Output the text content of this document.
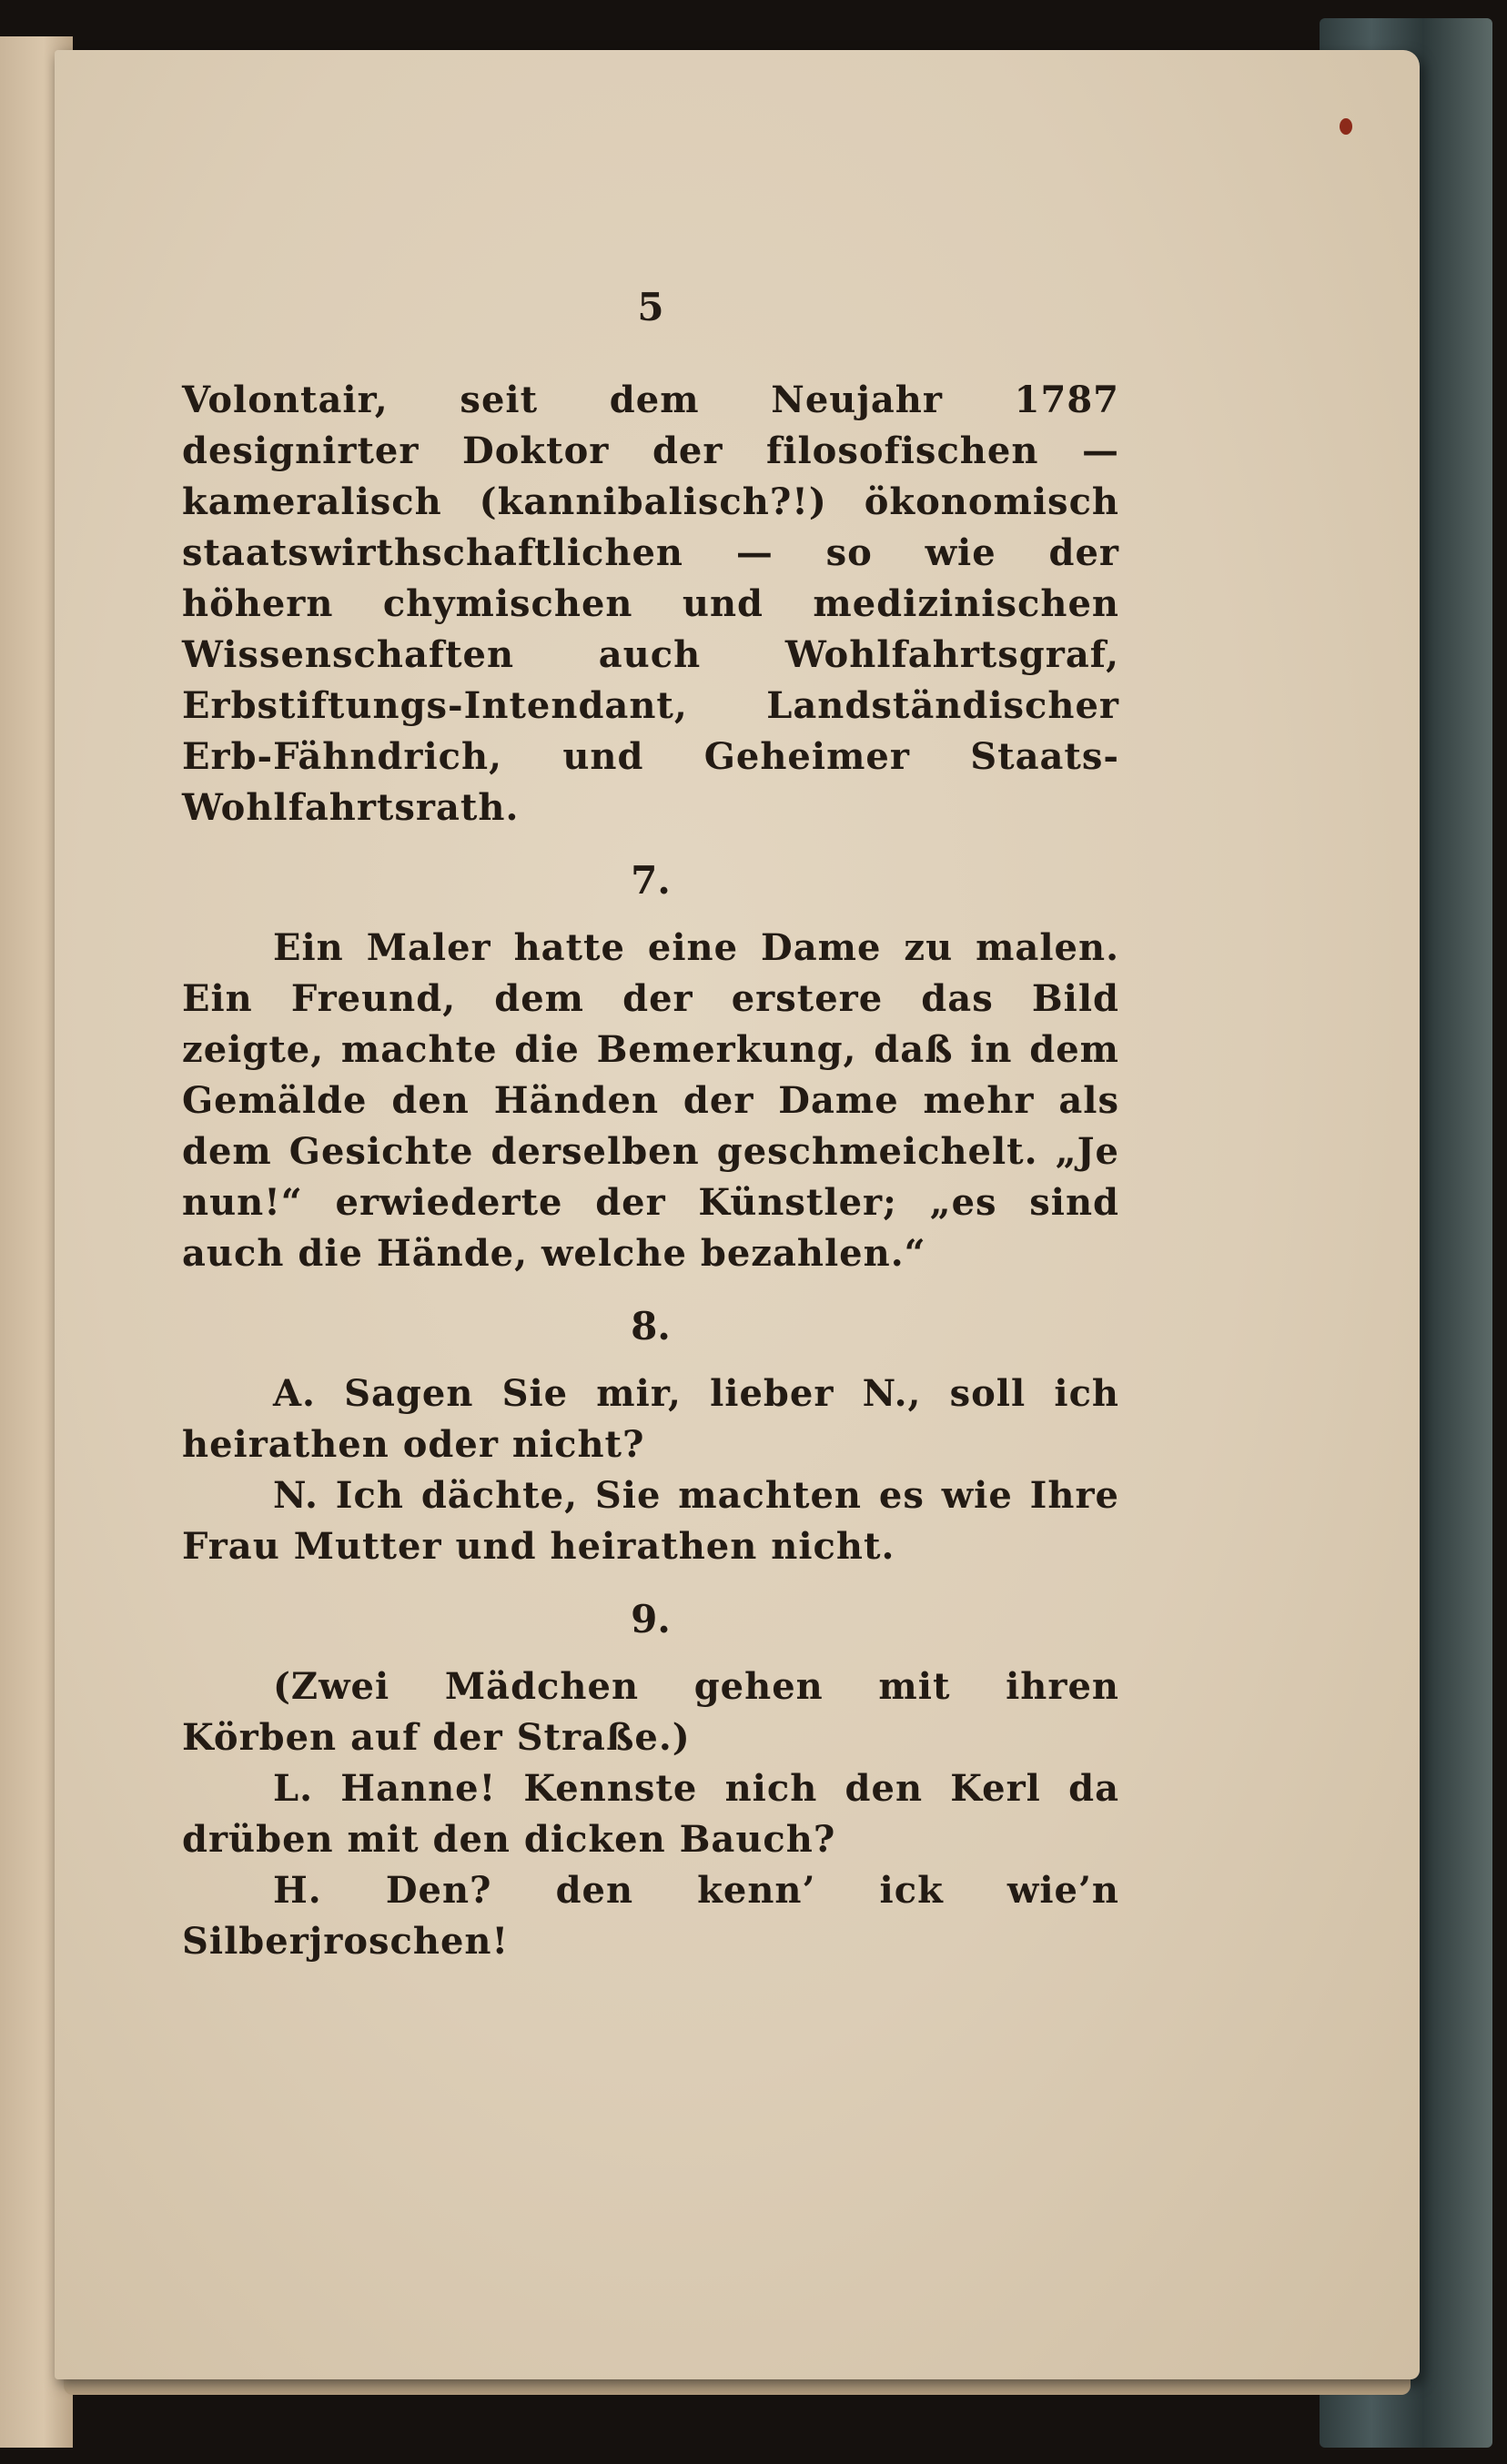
5

Volontair, seit dem Neujahr 1787 designirter Doktor der filosofischen — kameralisch (kannibalisch?!) ökonomisch staatswirthschaftlichen — so wie der höhern chymischen und medizinischen Wissenschaften auch Wohlfahrtsgraf, Erbstiftungs-Intendant, Landständischer Erb-Fähndrich, und Geheimer Staats-Wohlfahrtsrath.

7.

Ein Maler hatte eine Dame zu malen. Ein Freund, dem der erstere das Bild zeigte, machte die Bemerkung, daß in dem Gemälde den Händen der Dame mehr als dem Gesichte derselben geschmeichelt. „Je nun!“ erwiederte der Künstler; „es sind auch die Hände, welche bezahlen.“

8.

A. Sagen Sie mir, lieber N., soll ich heirathen oder nicht?

N. Ich dächte, Sie machten es wie Ihre Frau Mutter und heirathen nicht.

9.

(Zwei Mädchen gehen mit ihren Körben auf der Straße.)

L. Hanne! Kennste nich den Kerl da drüben mit den dicken Bauch?

H. Den? den kenn’ ick wie’n Silberjroschen!
